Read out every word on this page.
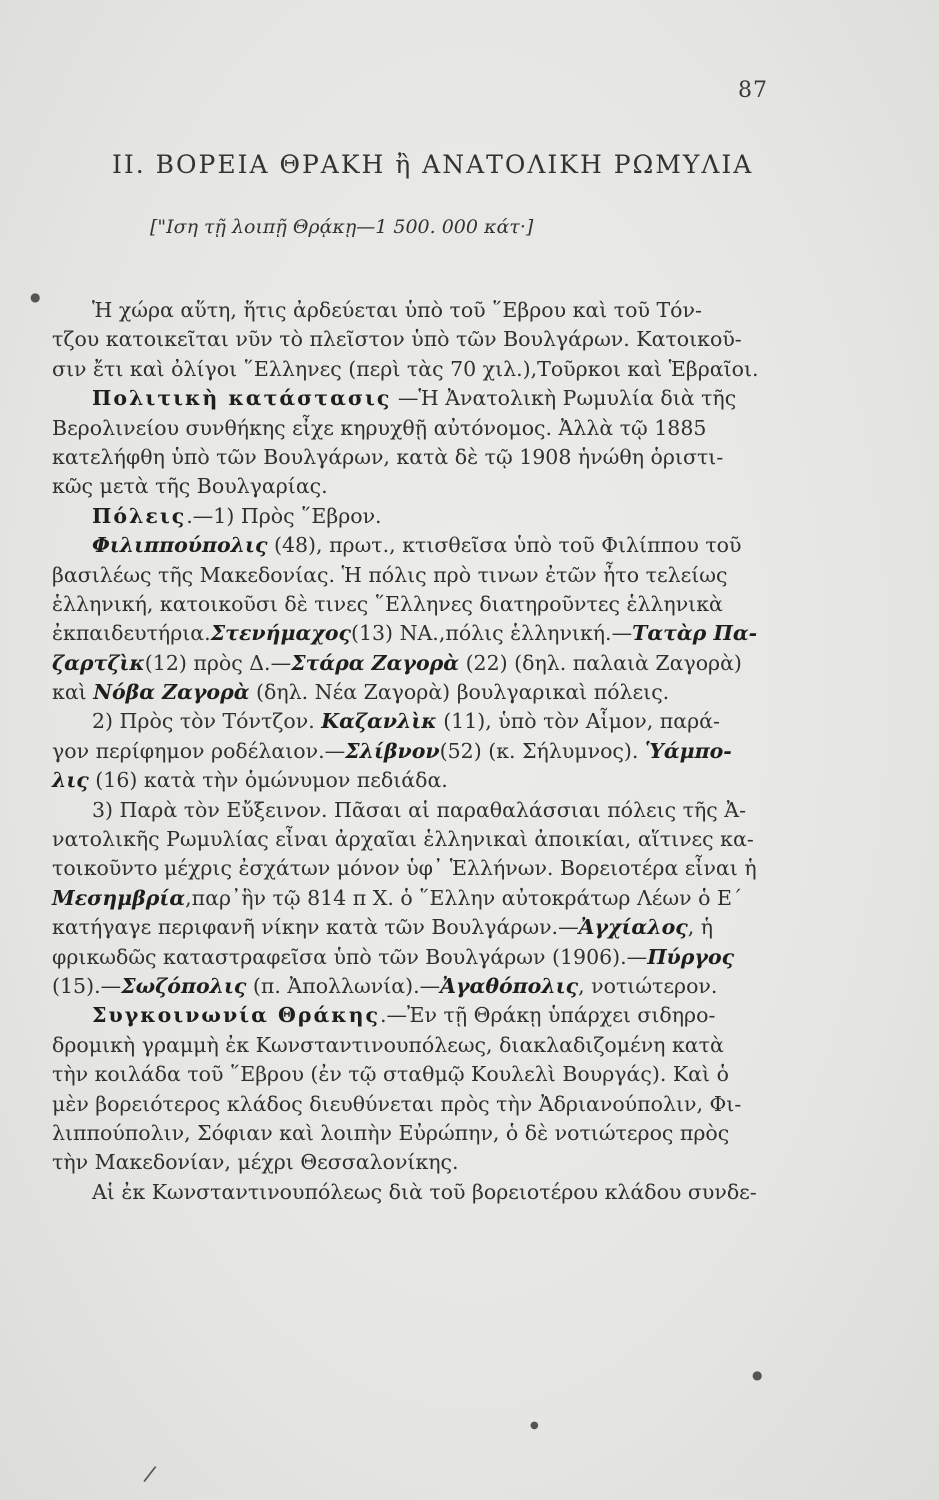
87
ΙΙ. ΒΟΡΕΙΑ ΘΡΑΚΗ ἢ ΑΝΑΤΟΛΙΚΗ ΡΩΜΥΛΙΑ
["Ιση τῇ λοιπῇ Θρᾴκῃ—1 500. 000 κάτ·]
Ἡ χώρα αὕτη, ἥτις ἀρδεύεται ὑπὸ τοῦ ῞Εβρου καὶ τοῦ Τόν-
τζου κατοικεῖται νῦν τὸ πλεῖστον ὑπὸ τῶν Βουλγάρων. Κατοικοῦ-
σιν ἔτι καὶ ὀλίγοι ῞Ελληνες (περὶ τὰς 70 χιλ.),Τοῦρκοι καὶ Ἑβραῖοι.
Πολιτικὴ κατάστασις —Ἡ Ἀνατολικὴ Ρωμυλία διὰ τῆς
Βερολινείου συνθήκης εἶχε κηρυχθῇ αὐτόνομος. Ἀλλὰ τῷ 1885
κατελήφθη ὑπὸ τῶν Βουλγάρων, κατὰ δὲ τῷ 1908 ἡνώθη ὁριστι-
κῶς μετὰ τῆς Βουλγαρίας.
Πόλεις.—1) Πρὸς ῞Εβρον.
Φιλιππούπολις (48), πρωτ., κτισθεῖσα ὑπὸ τοῦ Φιλίππου τοῦ
βασιλέως τῆς Μακεδονίας. Ἡ πόλις πρὸ τινων ἐτῶν ἦτο τελείως
ἑλληνική, κατοικοῦσι δὲ τινες ῞Ελληνες διατηροῦντες ἑλληνικὰ
ἐκπαιδευτήρια.Στενήμαχος(13) ΝΑ.,πόλις ἑλληνική.—Τατὰρ Πα-
ζαρτζὶκ(12) πρὸς Δ.—Στάρα Ζαγορὰ (22) (δηλ. παλαιὰ Ζαγορὰ)
καὶ Νόβα Ζαγορὰ (δηλ. Νέα Ζαγορὰ) βουλγαρικαὶ πόλεις.
2) Πρὸς τὸν Τόντζον. Καζανλὶκ (11), ὑπὸ τὸν Αἷμον, παρά-
γον περίφημον ροδέλαιον.—Σλίβνον(52) (κ. Σήλυμνος). Ὑάμπο-
λις (16) κατὰ τὴν ὁμώνυμον πεδιάδα.
3) Παρὰ τὸν Εὔξεινον. Πᾶσαι αἱ παραθαλάσσιαι πόλεις τῆς Ἀ-
νατολικῆς Ρωμυλίας εἶναι ἀρχαῖαι ἑλληνικαὶ ἀποικίαι, αἵτινες κα-
τοικοῦντο μέχρις ἐσχάτων μόνον ὑφ᾽ Ἑλλήνων. Βορειοτέρα εἶναι ἡ
Μεσημβρία,παρ᾽ἣν τῷ 814 π Χ. ὁ ῞Ελλην αὐτοκράτωρ Λέων ὁ Ε΄
κατήγαγε περιφανῆ νίκην κατὰ τῶν Βουλγάρων.—Ἀγχίαλος, ἡ
φρικωδῶς καταστραφεῖσα ὑπὸ τῶν Βουλγάρων (1906).—Πύργος
(15).—Σωζόπολις (π. Ἀπολλωνία).—Ἀγαθόπολις, νοτιώτερον.
Συγκοινωνία Θράκης.—Ἐν τῇ Θράκῃ ὑπάρχει σιδηρο-
δρομικὴ γραμμὴ ἐκ Κωνσταντινουπόλεως, διακλαδιζομένη κατὰ
τὴν κοιλάδα τοῦ ῞Εβρου (ἐν τῷ σταθμῷ Κουλελὶ Βουργάς). Καὶ ὁ
μὲν βορειότερος κλάδος διευθύνεται πρὸς τὴν Ἀδριανούπολιν, Φι-
λιππούπολιν, Σόφιαν καὶ λοιπὴν Εὐρώπην, ὁ δὲ νοτιώτερος πρὸς
τὴν Μακεδονίαν, μέχρι Θεσσαλονίκης.
Αἱ ἐκ Κωνσταντινουπόλεως διὰ τοῦ βορειοτέρου κλάδου συνδε-
●
●
●
/
